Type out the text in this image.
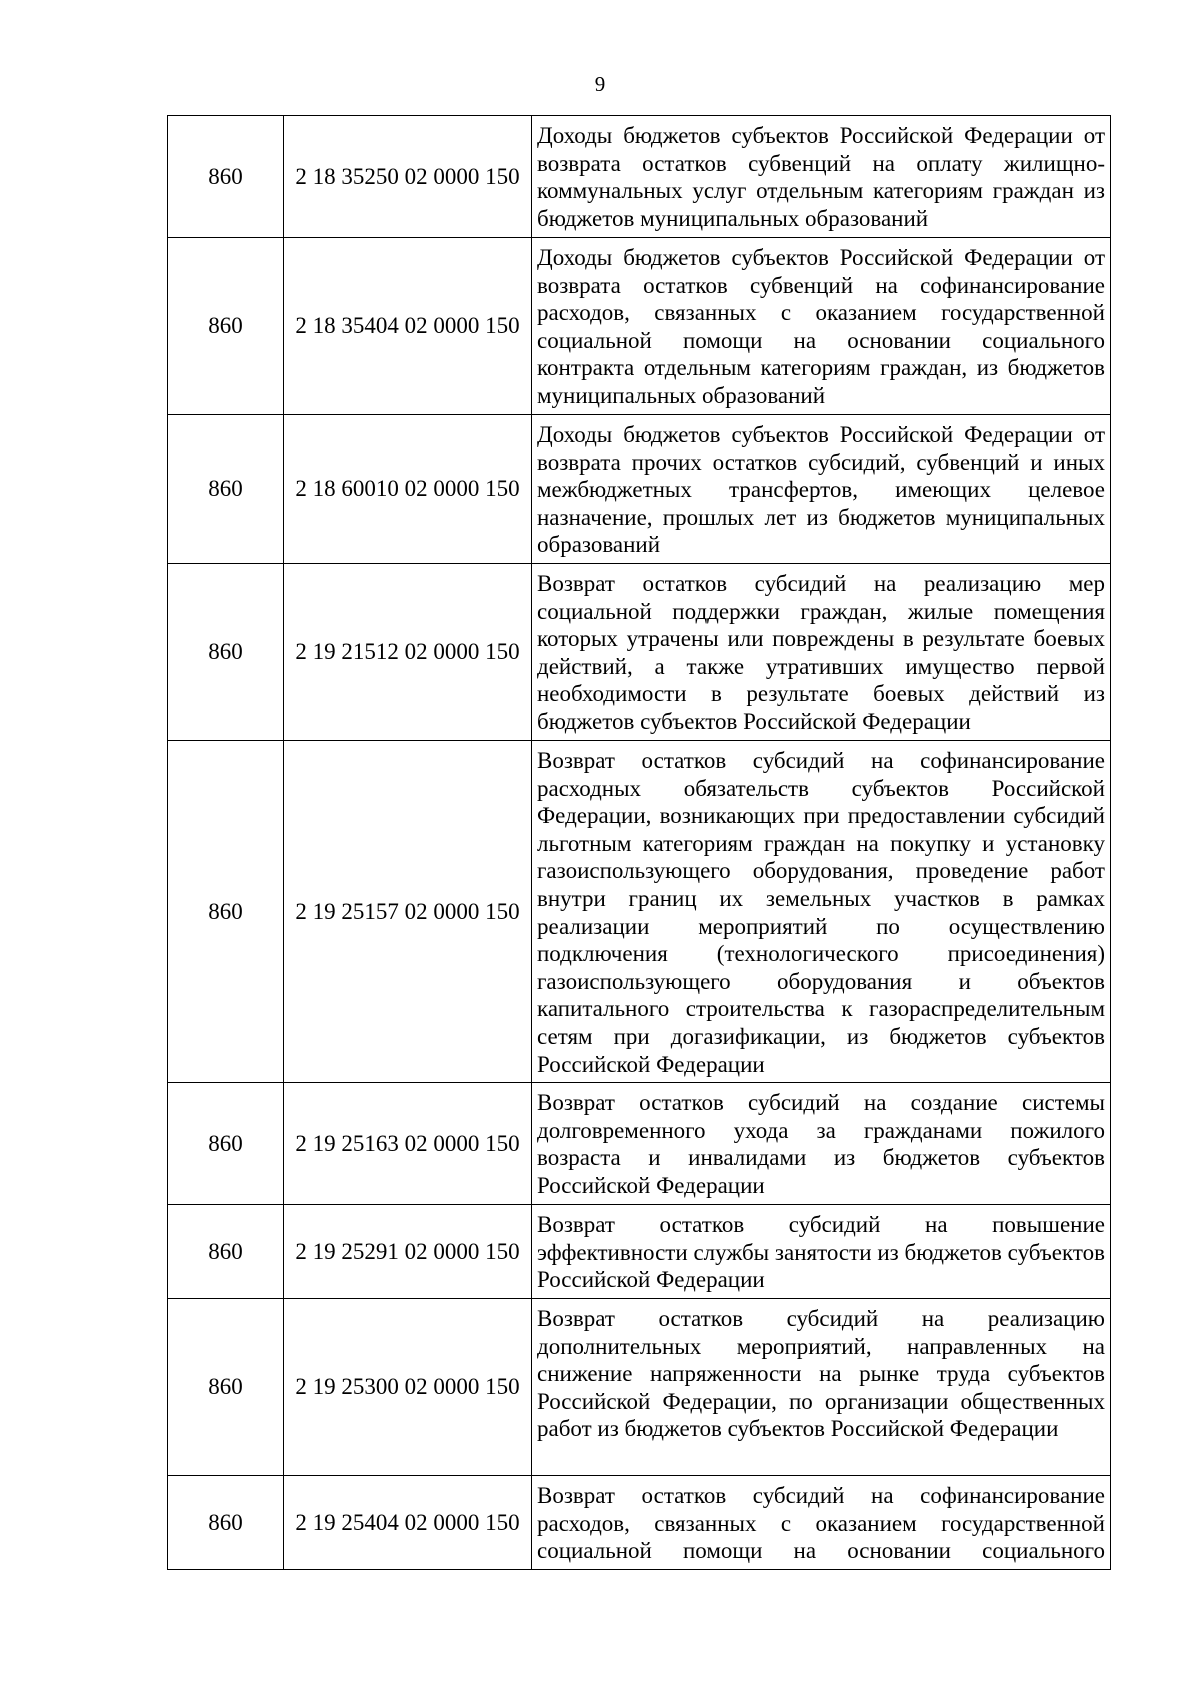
9
860	2 18 35250 02 0000 150	Доходы бюджетов субъектов Российской Федерации от возврата остатков субвенций на оплату жилищно-коммунальных услуг отдельным категориям граждан из бюджетов муниципальных образований
860	2 18 35404 02 0000 150	Доходы бюджетов субъектов Российской Федерации от возврата остатков субвенций на софинансирование расходов, связанных с оказанием государственной социальной помощи на основании социального контракта отдельным категориям граждан, из бюджетов муниципальных образований
860	2 18 60010 02 0000 150	Доходы бюджетов субъектов Российской Федерации от возврата прочих остатков субсидий, субвенций и иных межбюджетных трансфертов, имеющих целевое назначение, прошлых лет из бюджетов муниципальных образований
860	2 19 21512 02 0000 150	Возврат остатков субсидий на реализацию мер социальной поддержки граждан, жилые помещения которых утрачены или повреждены в результате боевых действий, а также утративших имущество первой необходимости в результате боевых действий из бюджетов субъектов Российской Федерации
860	2 19 25157 02 0000 150	Возврат остатков субсидий на софинансирование расходных обязательств субъектов Российской Федерации, возникающих при предоставлении субсидий льготным категориям граждан на покупку и установку газоиспользующего оборудования, проведение работ внутри границ их земельных участков в рамках реализации мероприятий по осуществлению подключения (технологического присоединения) газоиспользующего оборудования и объектов капитального строительства к газораспределительным сетям при догазификации, из бюджетов субъектов Российской Федерации
860	2 19 25163 02 0000 150	Возврат остатков субсидий на создание системы долговременного ухода за гражданами пожилого возраста и инвалидами из бюджетов субъектов Российской Федерации
860	2 19 25291 02 0000 150	Возврат остатков субсидий на повышение эффективности службы занятости из бюджетов субъектов Российской Федерации
860	2 19 25300 02 0000 150	Возврат остатков субсидий на реализацию дополнительных мероприятий, направленных на снижение напряженности на рынке труда субъектов Российской Федерации, по организации общественных работ из бюджетов субъектов Российской Федерации
860	2 19 25404 02 0000 150	Возврат остатков субсидий на софинансирование расходов, связанных с оказанием государственной социальной помощи на основании социального
